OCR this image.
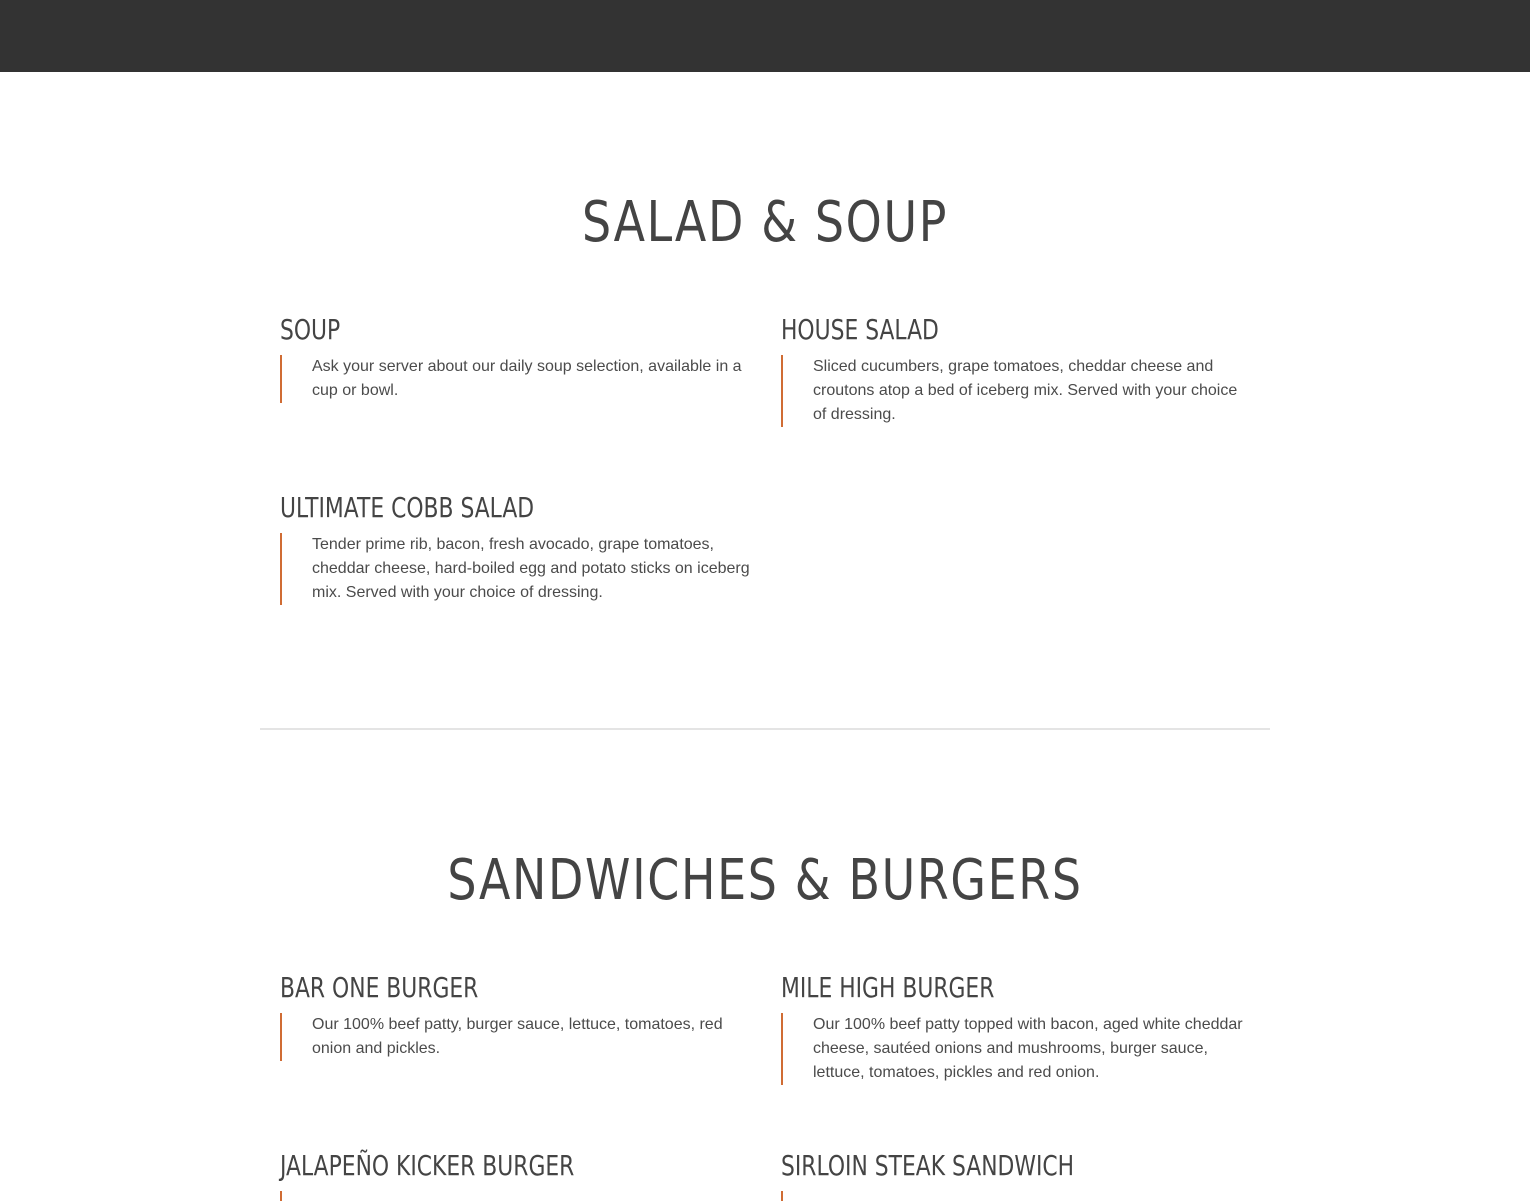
SALAD & SOUP
SOUP

Ask your server about our daily soup selection, available in a cup or bowl.

HOUSE SALAD

Sliced cucumbers, grape tomatoes, cheddar cheese and croutons atop a bed of iceberg mix. Served with your choice of dressing.

ULTIMATE COBB SALAD

Tender prime rib, bacon, fresh avocado, grape tomatoes, cheddar cheese, hard-boiled egg and potato sticks on iceberg mix. Served with your choice of dressing.

SANDWICHES & BURGERS
BAR ONE BURGER

Our 100% beef patty, burger sauce, lettuce, tomatoes, red onion and pickles.

MILE HIGH BURGER

Our 100% beef patty topped with bacon, aged white cheddar cheese, sautéed onions and mushrooms, burger sauce, lettuce, tomatoes, pickles and red onion.

JALAPEÑO KICKER BURGER	SIRLOIN STEAK SANDWICH
